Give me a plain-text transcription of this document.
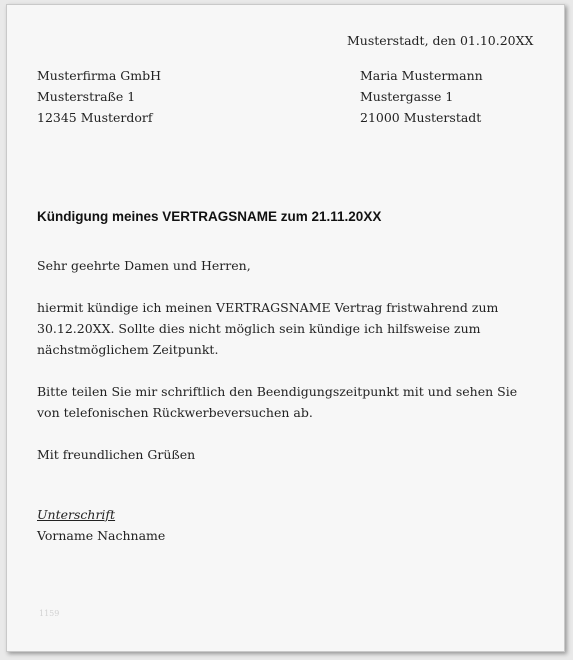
Musterstadt, den 01.10.20XX
Musterfirma GmbH
Musterstraße 1
12345 Musterdorf
Maria Mustermann
Mustergasse 1
21000 Musterstadt
Kündigung meines VERTRAGSNAME zum 21.11.20XX
Sehr geehrte Damen und Herren,
hiermit kündige ich meinen VERTRAGSNAME Vertrag fristwahrend zum 30.12.20XX. Sollte dies nicht möglich sein kündige ich hilfsweise zum nächstmöglichem Zeitpunkt.
Bitte teilen Sie mir schriftlich den Beendigungszeitpunkt mit und sehen Sie von telefonischen Rückwerbeversuchen ab.
Mit freundlichen Grüßen
Unterschrift
Vorname Nachname
1159
